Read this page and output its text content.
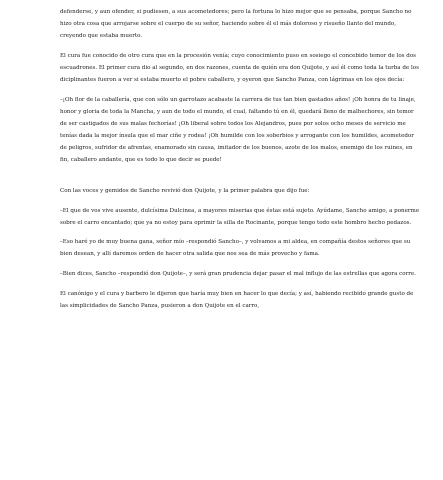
defenderse, y aun ofender, si pudiesen, a sus acometedores; pero la fortuna lo hizo mejor que se pensaba, porque Sancho no hizo otra cosa que arrojarse sobre el cuerpo de su señor, haciendo sobre él el más doloroso y risueño llanto del mundo, creyendo que estaba muerto.

El cura fue conocido de otro cura que en la procesión venía; cuyo conocimiento puso en sosiego el concebido temor de los dos escuadrones. El primer cura dio al segundo, en dos razones, cuenta de quién era don Quijote, y así él como toda la turba de los diciplinantes fueron a ver si estaba muerto el pobre caballero, y oyeron que Sancho Panza, con lágrimas en los ojos decía:

–¡Oh flor de la caballería, que con sólo un garrotazo acabaste la carrera de tus tan bien gastados años! ¡Oh honra de tu linaje, honor y gloria de toda la Mancha, y aun de todo el mundo, el cual, faltando tú en él, quedará lleno de malhechores, sin temor de ser castigados de sus malas fechorías! ¡Oh liberal sobre todos los Alejandros, pues por solos ocho meses de servicio me tenías dada la mejor ínsula que el mar ciñe y rodea! ¡Oh humilde con los soberbios y arrogante con los humildes, acometedor de peligros, sufridor de afrentas, enamorado sin causa, imitador de los buenos, azote de los malos, enemigo de los ruines, en fin, caballero andante, que es todo lo que decir se puede!

Con las voces y gemidos de Sancho revivió don Quijote, y la primer palabra que dijo fue:

–El que de vos vive ausente, dulcísima Dulcinea, a mayores miserias que éstas está sujeto. Ayúdame, Sancho amigo, a ponerme sobre el carro encantado; que ya no estoy para oprimir la silla de Rocinante, porque tengo todo este hombro hecho pedazos.

–Eso haré yo de muy buena gana, señor mío –respondió Sancho–, y volvamos a mi aldea, en compañía destos señores que su bien desean, y allí daremos orden de hacer otra salida que nos sea de más provecho y fama.

–Bien dices, Sancho –respondió don Quijote–, y será gran prudencia dejar pasar el mal influjo de las estrellas que agora corre.

El canónigo y el cura y barbero le dijeron que haría muy bien en hacer lo que decía; y así, habiendo recibido grande gusto de las simplicidades de Sancho Panza, pusieron a don Quijote en el carro,
